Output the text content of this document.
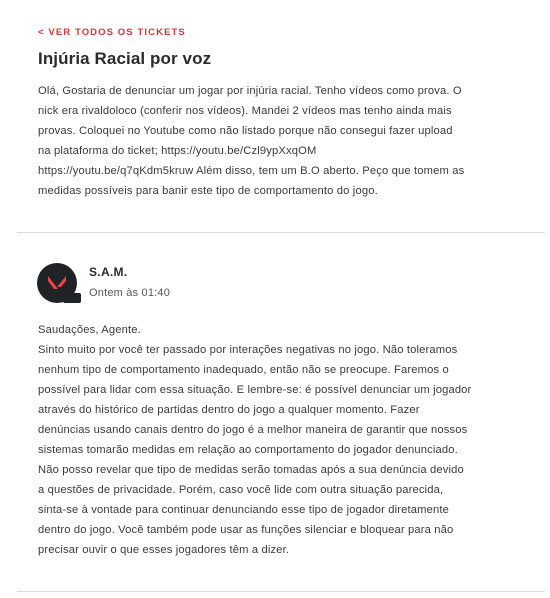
< VER TODOS OS TICKETS
Injúria Racial por voz
Olá, Gostaria de denunciar um jogar por injúria racial. Tenho vídeos como prova. O
nick era rivaldoloco (conferir nos vídeos). Mandei 2 vídeos mas tenho ainda mais
provas. Coloquei no Youtube como não listado porque não consegui fazer upload
na plataforma do ticket; https://youtu.be/Czl9ypXxqOM
https://youtu.be/q7qKdm5kruw Além disso, tem um B.O aberto. Peço que tomem as
medidas possíveis para banir este tipo de comportamento do jogo.
S.A.M.
Ontem às 01:40
Saudações, Agente.
Sinto muito por você ter passado por interações negativas no jogo. Não toleramos
nenhum tipo de comportamento inadequado, então não se preocupe. Faremos o
possível para lidar com essa situação. E lembre-se: é possível denunciar um jogador
através do histórico de partidas dentro do jogo a qualquer momento. Fazer
denúncias usando canais dentro do jogo é a melhor maneira de garantir que nossos
sistemas tomarão medidas em relação ao comportamento do jogador denunciado.
Não posso revelar que tipo de medidas serão tomadas após a sua denúncia devido
a questões de privacidade. Porém, caso você lide com outra situação parecida,
sinta-se à vontade para continuar denunciando esse tipo de jogador diretamente
dentro do jogo. Você também pode usar as funções silenciar e bloquear para não
precisar ouvir o que esses jogadores têm a dizer.
